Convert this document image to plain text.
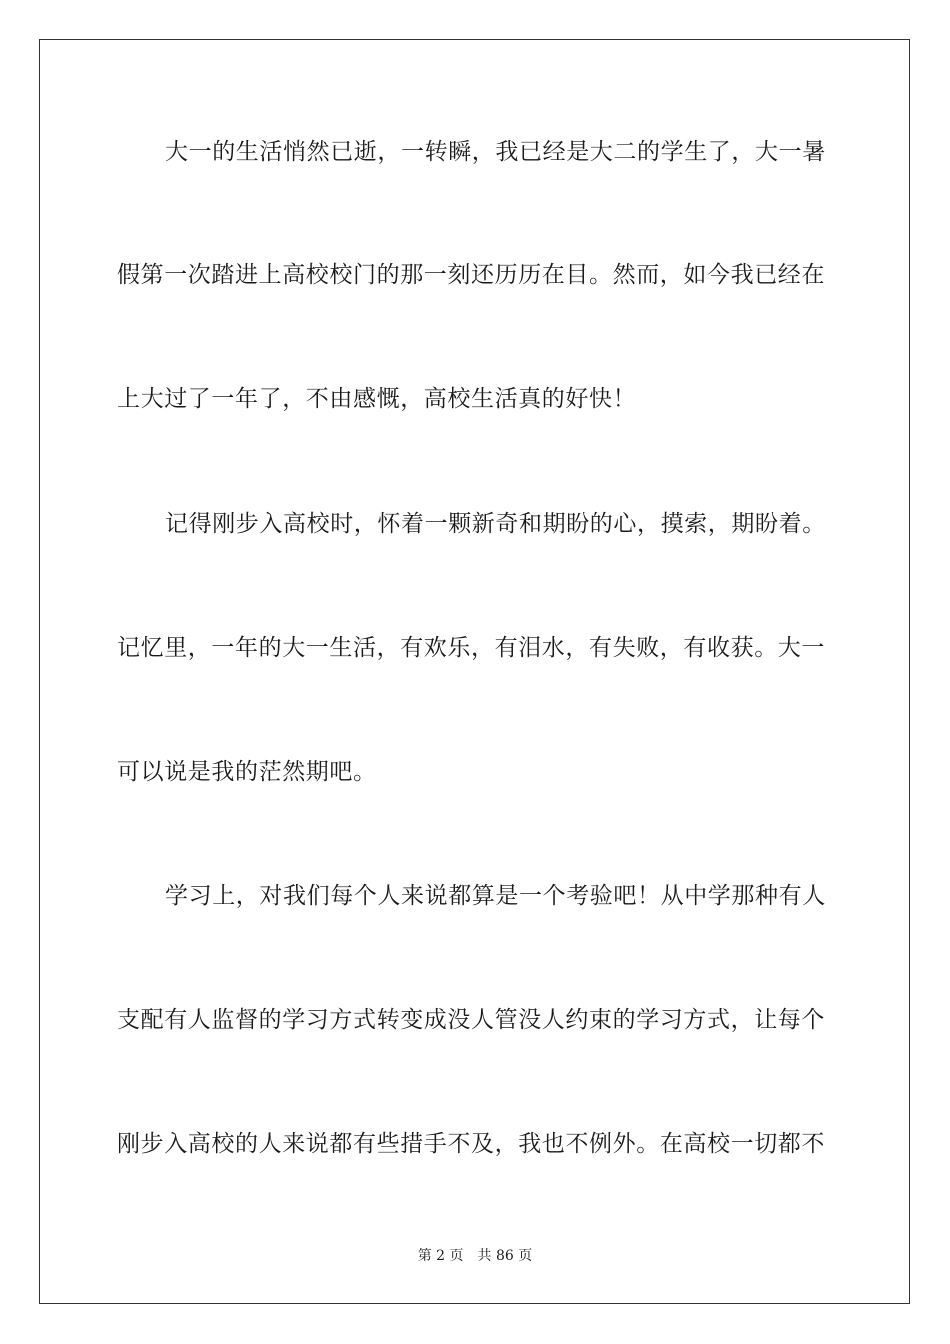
大一的生活悄然已逝，一转瞬，我已经是大二的学生了，大一暑
假第一次踏进上高校校门的那一刻还历历在目。然而，如今我已经在
上大过了一年了，不由感慨，高校生活真的好快！
记得刚步入高校时，怀着一颗新奇和期盼的心，摸索，期盼着。
记忆里，一年的大一生活，有欢乐，有泪水，有失败，有收获。大一
可以说是我的茫然期吧。
学习上，对我们每个人来说都算是一个考验吧！从中学那种有人
支配有人监督的学习方式转变成没人管没人约束的学习方式，让每个
刚步入高校的人来说都有些措手不及，我也不例外。在高校一切都不
第 2 页 共 86 页
